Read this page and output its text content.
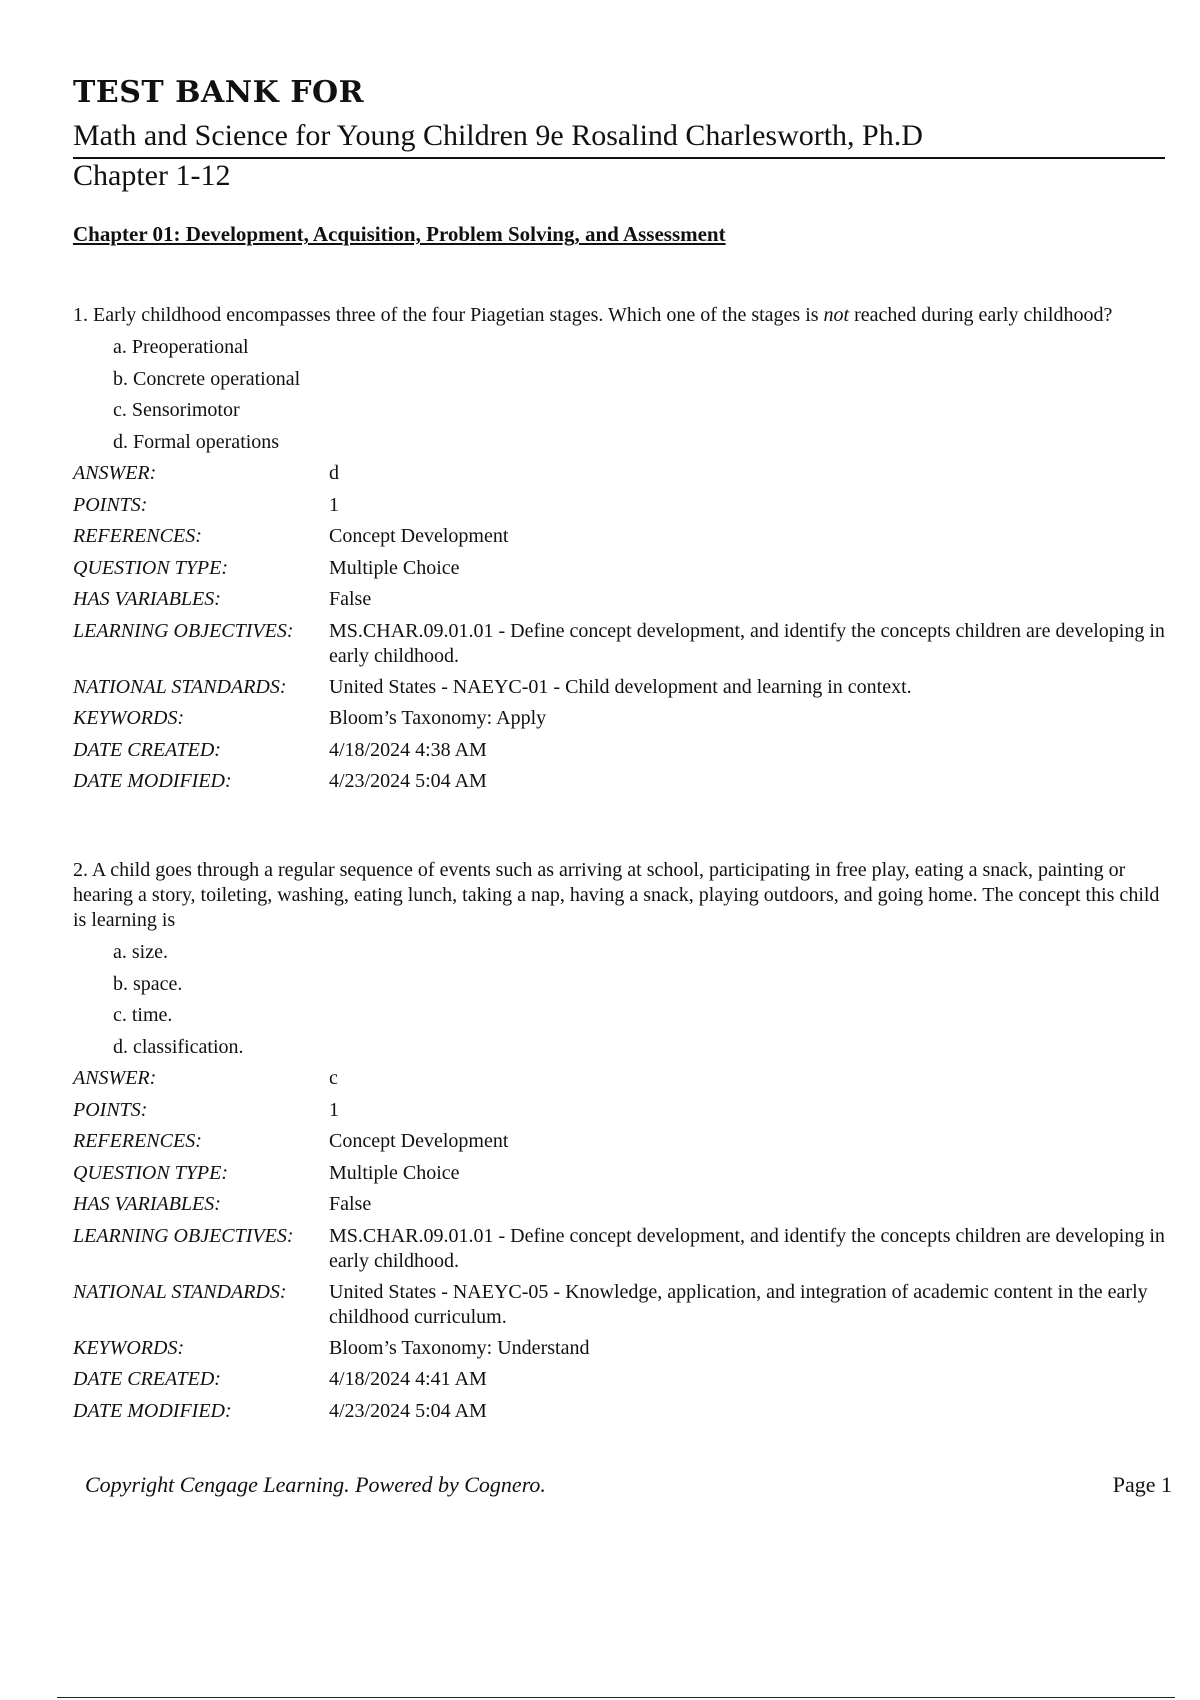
TEST BANK FOR
Math and Science for Young Children 9e Rosalind Charlesworth, Ph.D
Chapter 1-12
Chapter 01: Development, Acquisition, Problem Solving, and Assessment

1. Early childhood encompasses three of the four Piagetian stages. Which one of the stages is not reached during early childhood?

a. Preoperational
b. Concrete operational
c. Sensorimotor
d. Formal operations
ANSWER:	d
POINTS:	1
REFERENCES:	Concept Development
QUESTION TYPE:	Multiple Choice
HAS VARIABLES:	False
LEARNING OBJECTIVES:	MS.CHAR.09.01.01 - Define concept development, and identify the concepts children are developing in early childhood.
NATIONAL STANDARDS:	United States - NAEYC-01 - Child development and learning in context.
KEYWORDS:	Bloom’s Taxonomy: Apply
DATE CREATED:	4/18/2024 4:38 AM
DATE MODIFIED:	4/23/2024 5:04 AM

2. A child goes through a regular sequence of events such as arriving at school, participating in free play, eating a snack, painting or hearing a story, toileting, washing, eating lunch, taking a nap, having a snack, playing outdoors, and going home. The concept this child is learning is

a. size.
b. space.
c. time.
d. classification.
ANSWER:	c
POINTS:	1
REFERENCES:	Concept Development
QUESTION TYPE:	Multiple Choice
HAS VARIABLES:	False
LEARNING OBJECTIVES:	MS.CHAR.09.01.01 - Define concept development, and identify the concepts children are developing in early childhood.
NATIONAL STANDARDS:	United States - NAEYC-05 - Knowledge, application, and integration of academic content in the early childhood curriculum.
KEYWORDS:	Bloom’s Taxonomy: Understand
DATE CREATED:	4/18/2024 4:41 AM
DATE MODIFIED:	4/23/2024 5:04 AM
Copyright Cengage Learning. Powered by Cognero.	Page 1
